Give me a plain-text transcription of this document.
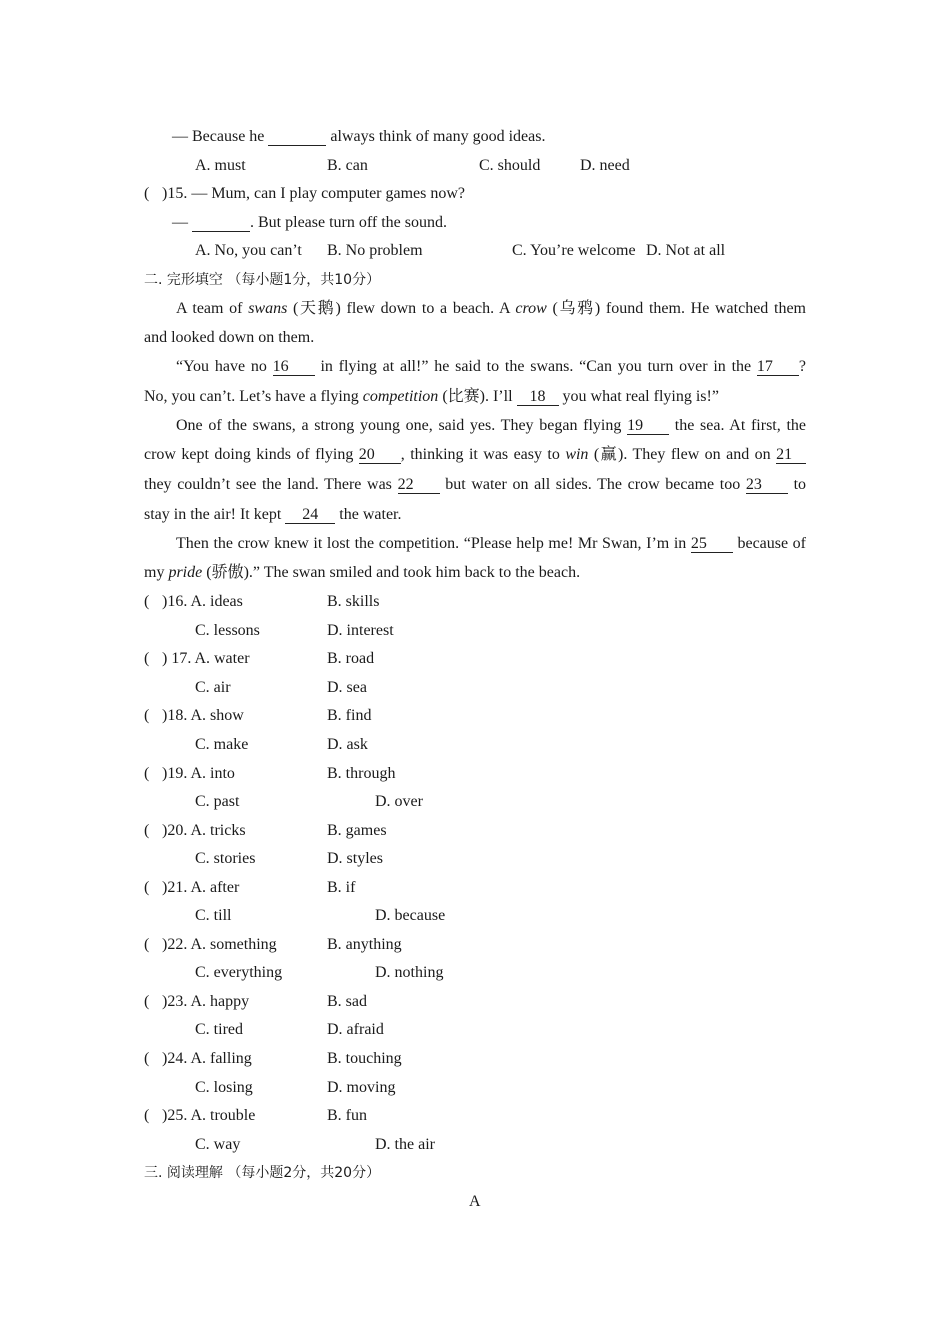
— Because he	always think of many good ideas.
A. must	B. can	C. should D. need
( )15. — Mum, can I play computer games now?
—	. But please turn off the sound.
A. No, you can’t B. No problem	C. You’re welcome D. Not at all
二. 完形填空 （每小题1分，共10分）
A team of swans (天鹅) flew down to a beach. A crow (乌鸦) found them. He watched them
and looked down on them.
“You have no 16 in flying at all!” he said to the swans. “Can you turn over in the 17 ?
No, you can’t. Let’s have a flying competition (比赛). I’ll 18 you what real flying is!”
One of the swans, a strong young one, said yes. They began flying 19 the sea. At first, the
crow kept doing kinds of flying 20 , thinking it was easy to win (赢). They flew on and on 21
they couldn’t see the land. There was 22 but water on all sides. The crow became too 23 to
stay in the air! It kept 24 the water.
Then the crow knew it lost the competition. “Please help me! Mr Swan, I’m in 25 because of
my pride (骄傲).” The swan smiled and took him back to the beach.
( )16. A. ideas	B. skills
C. lessons	D. interest
( ) 17. A. water	B. road
C. air	D. sea
( )18. A. show	B. find
C. make	D. ask
( )19. A. into	B. through
C. past	D. over
( )20. A. tricks	B. games
C. stories	D. styles
( )21. A. after	B. if
C. till	D. because
( )22. A. something	B. anything
C. everything	D. nothing
( )23. A. happy	B. sad
C. tired	D. afraid
( )24. A. falling	B. touching
C. losing	D. moving
( )25. A. trouble	B. fun
C. way	D. the air
三. 阅读理解 （每小题2分，共20分）
A
